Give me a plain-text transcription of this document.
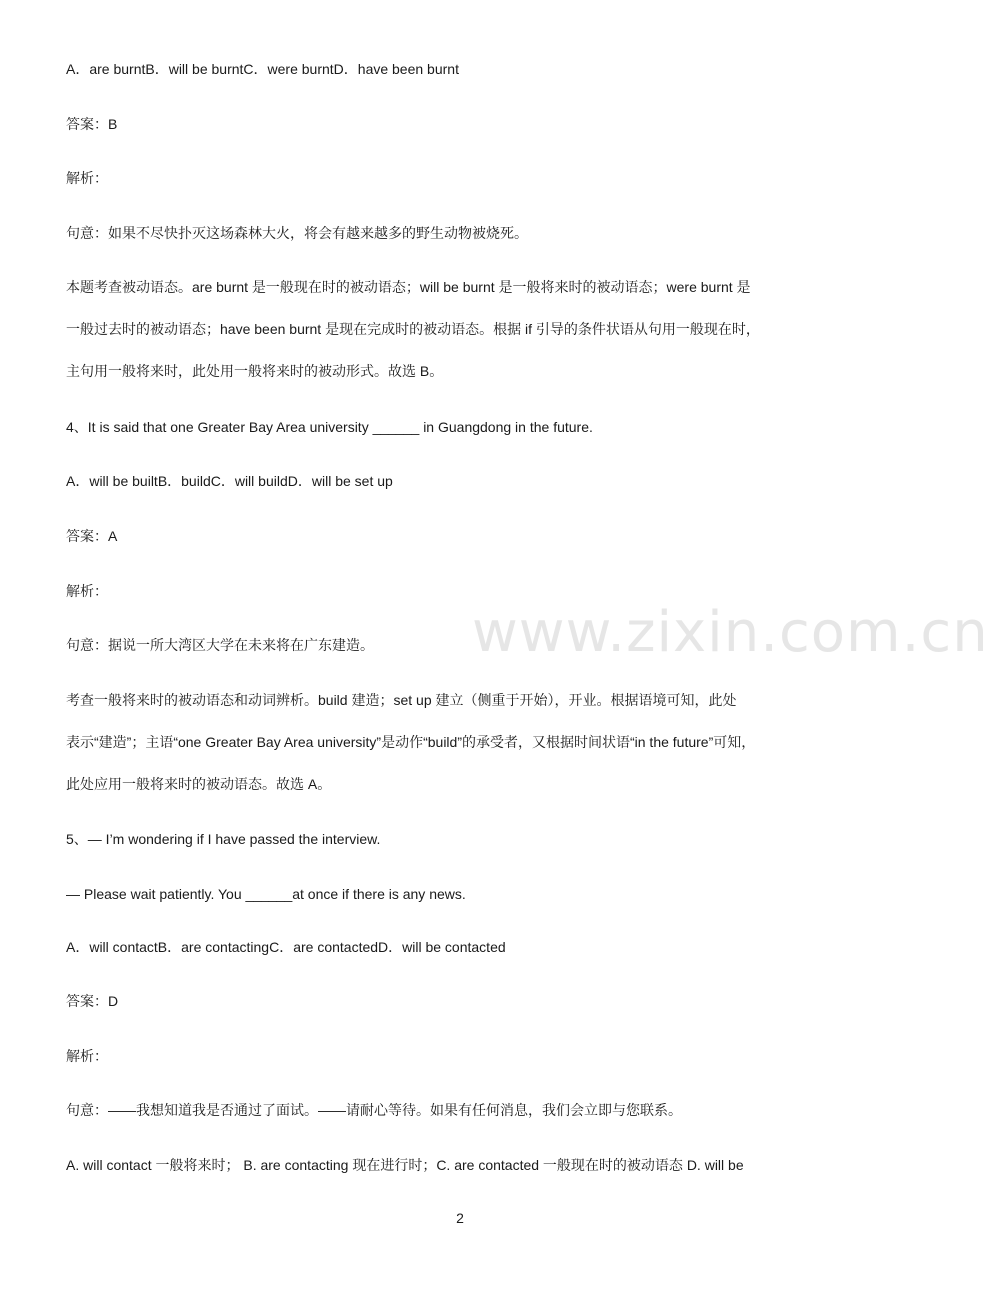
www.zixin.com.cn
A．are burntB．will be burntC．were burntD．have been burnt
答案：B
解析：
句意：如果不尽快扑灭这场森林大火，将会有越来越多的野生动物被烧死。
本题考查被动语态。are burnt 是一般现在时的被动语态；will be burnt 是一般将来时的被动语态；were burnt 是
一般过去时的被动语态；have been burnt 是现在完成时的被动语态。根据 if 引导的条件状语从句用一般现在时，
主句用一般将来时，此处用一般将来时的被动形式。故选 B。
4、It is said that one Greater Bay Area university ______ in Guangdong in the future.
A．will be builtB．buildC．will buildD．will be set up
答案：A
解析：
句意：据说一所大湾区大学在未来将在广东建造。
考查一般将来时的被动语态和动词辨析。build 建造；set up 建立（侧重于开始），开业。根据语境可知，此处
表示“建造”；主语“one Greater Bay Area university”是动作“build”的承受者，又根据时间状语“in the future”可知，
此处应用一般将来时的被动语态。故选 A。
5、— I’m wondering if I have passed the interview.
— Please wait patiently. You ______at once if there is any news.
A．will contactB．are contactingC．are contactedD．will be contacted
答案：D
解析：
句意：——我想知道我是否通过了面试。——请耐心等待。如果有任何消息，我们会立即与您联系。
A. will contact 一般将来时； B. are contacting 现在进行时；C. are contacted 一般现在时的被动语态 D. will be
2
